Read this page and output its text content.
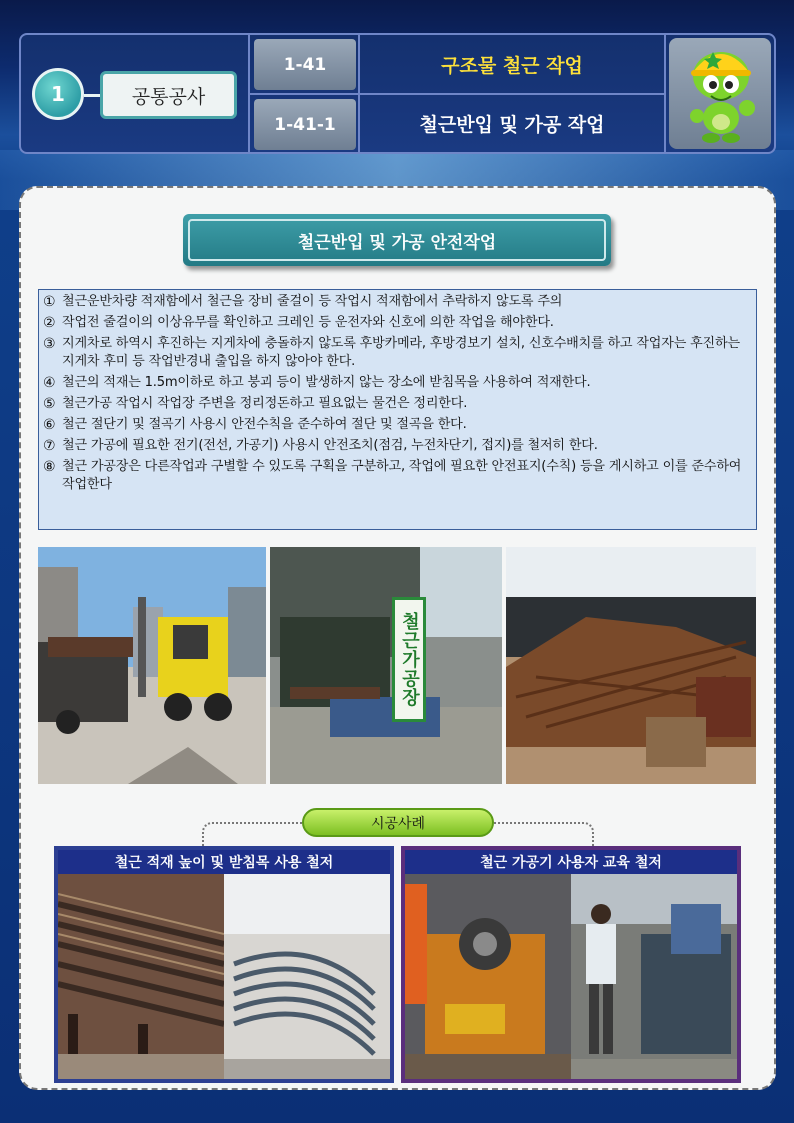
1	공통공사
1-41
1-41-1
구조물 철근 작업
철근반입 및 가공 작업
철근반입 및 가공 안전작업
① 철근운반차량 적재함에서 철근을 장비 줄걸이 등 작업시 적재함에서 추락하지 않도록 주의
② 작업전 줄걸이의 이상유무를 확인하고 크레인 등 운전자와 신호에 의한 작업을 해야한다.
③ 지게차로 하역시 후진하는 지게차에 충돌하지 않도록 후방카메라, 후방경보기 설치, 신호수배치를 하고 작업자는 후진하는 지게차 후미 등 작업반경내 출입을 하지 않아야 한다.
④ 철근의 적재는 1.5m이하로 하고 붕괴 등이 발생하지 않는 장소에 받침목을 사용하여 적재한다.
⑤ 철근가공 작업시 작업장 주변을 정리정돈하고 필요없는 물건은 정리한다.
⑥ 철근 절단기 및 절곡기 사용시 안전수칙을 준수하여 절단 및 절곡을 한다.
⑦ 철근 가공에 필요한 전기(전선, 가공기) 사용시 안전조치(점검, 누전차단기, 접지)를 철저히 한다.
⑧ 철근 가공장은 다른작업과 구별할 수 있도록 구획을 구분하고, 작업에 필요한 안전표지(수칙) 등을 게시하고 이를 준수하여 작업한다
철근가공장
시공사례
철근 적재 높이 및 받침목 사용 철저	철근 가공기 사용자 교육 철저
